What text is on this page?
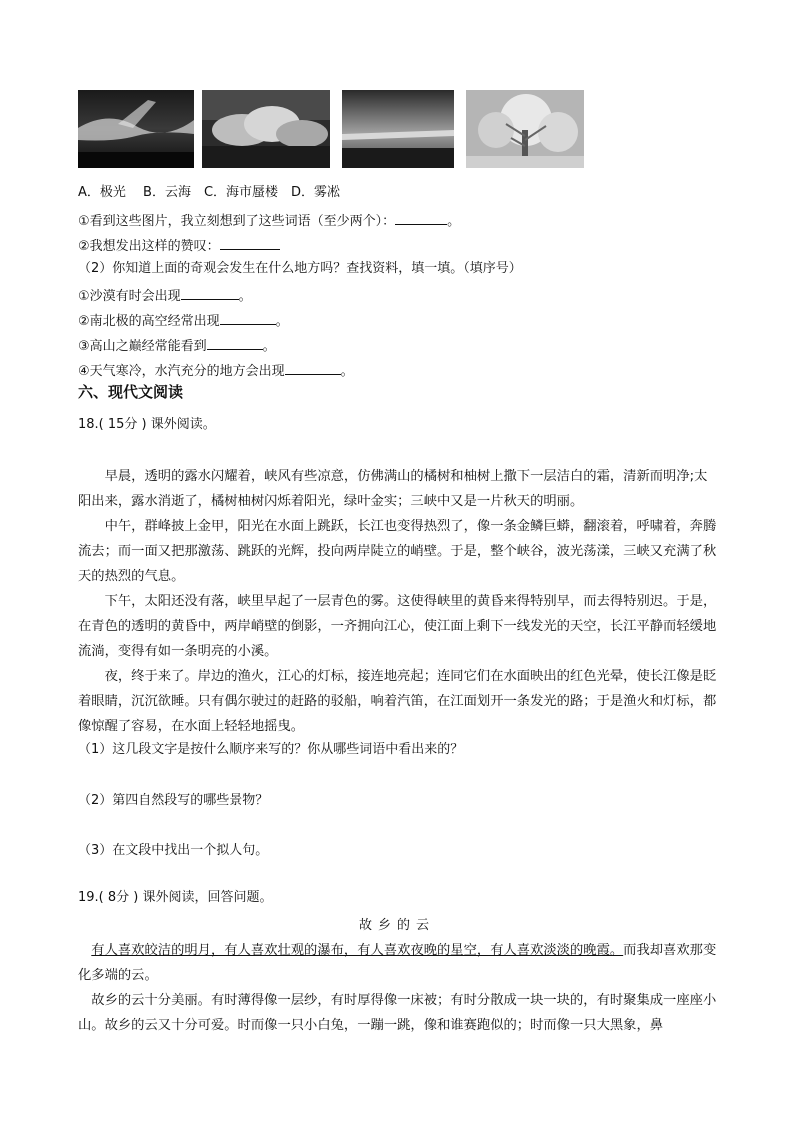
A．极光　 B．云海　C．海市蜃楼　D．雾凇
①看到这些图片，我立刻想到了这些词语（至少两个）：	。
②我想发出这样的赞叹：
（2）你知道上面的奇观会发生在什么地方吗？查找资料，填一填。（填序号）
①沙漠有时会出现	。
②南北极的高空经常出现	。
③高山之巅经常能看到	。
④天气寒冷，水汽充分的地方会出现	。
六、现代文阅读
18.( 15分 ) 课外阅读。
早晨，透明的露水闪耀着，峡风有些凉意，仿佛满山的橘树和柚树上撒下一层洁白的霜，清新而明净;太阳出来，露水消逝了，橘树柚树闪烁着阳光，绿叶金实；三峡中又是一片秋天的明丽。
中午，群峰披上金甲，阳光在水面上跳跃，长江也变得热烈了，像一条金鳞巨蟒，翻滚着，呼啸着，奔腾流去；而一面又把那激荡、跳跃的光辉，投向两岸陡立的峭壁。于是，整个峡谷，波光荡漾，三峡又充满了秋天的热烈的气息。
下午，太阳还没有落，峡里早起了一层青色的雾。这使得峡里的黄昏来得特别早，而去得特别迟。于是，在青色的透明的黄昏中，两岸峭壁的倒影，一齐拥向江心，使江面上剩下一线发光的天空，长江平静而轻缓地流淌，变得有如一条明亮的小溪。
夜，终于来了。岸边的渔火，江心的灯标，接连地亮起；连同它们在水面映出的红色光晕，使长江像是眨着眼睛，沉沉欲睡。只有偶尔驶过的赶路的驳船，响着汽笛，在江面划开一条发光的路；于是渔火和灯标，都像惊醒了容易，在水面上轻轻地摇曳。
（1）这几段文字是按什么顺序来写的？你从哪些词语中看出来的？
（2）第四自然段写的哪些景物？
（3）在文段中找出一个拟人句。
19.( 8分 ) 课外阅读，回答问题。
故乡的云
有人喜欢皎洁的明月，有人喜欢壮观的瀑布，有人喜欢夜晚的星空，有人喜欢淡淡的晚霞。而我却喜欢那变化多端的云。
故乡的云十分美丽。有时薄得像一层纱，有时厚得像一床被；有时分散成一块一块的，有时聚集成一座座小山。故乡的云又十分可爱。时而像一只小白兔，一蹦一跳，像和谁赛跑似的；时而像一只大黑象，鼻
